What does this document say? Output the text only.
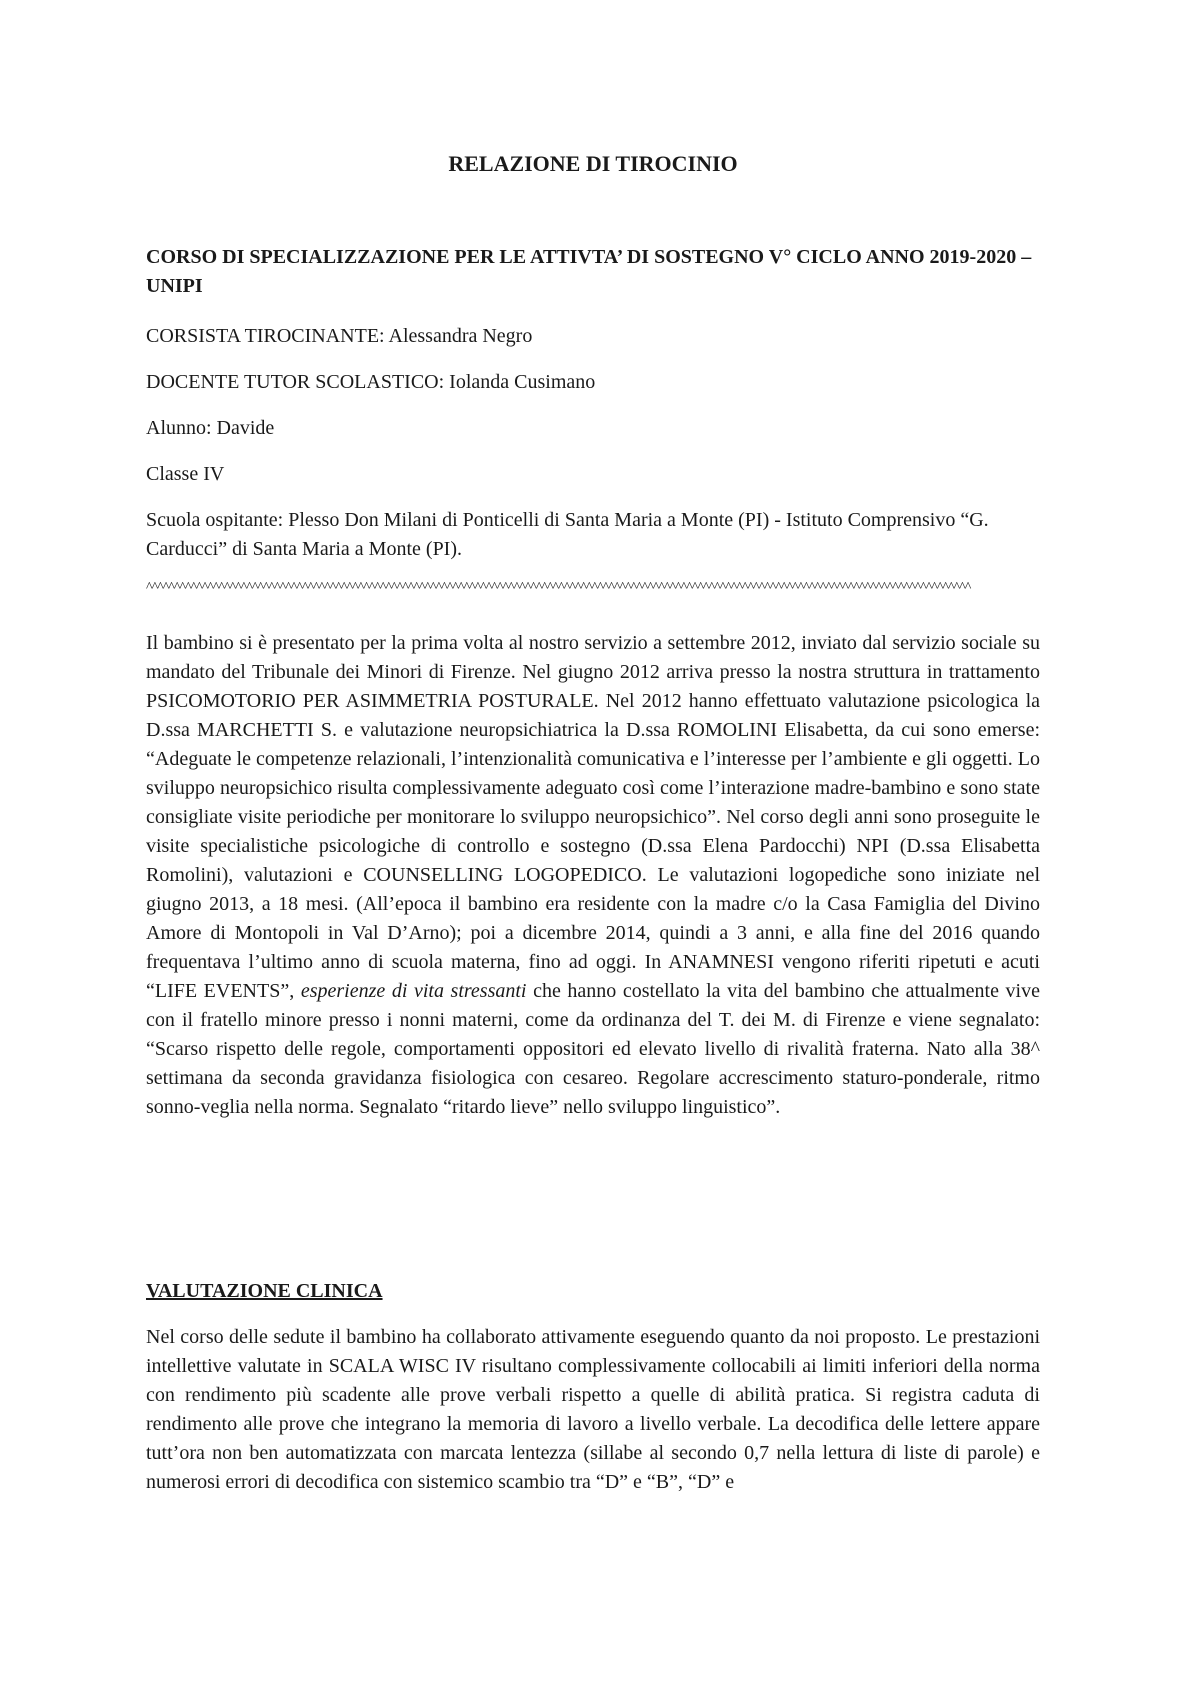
RELAZIONE DI TIROCINIO

CORSO DI SPECIALIZZAZIONE PER LE ATTIVTA’ DI SOSTEGNO V° CICLO ANNO 2019-2020 – UNIPI

CORSISTA TIROCINANTE: Alessandra Negro

DOCENTE TUTOR SCOLASTICO: Iolanda Cusimano

Alunno: Davide

Classe IV

Scuola ospitante: Plesso Don Milani di Ponticelli di Santa Maria a Monte (PI) - Istituto Comprensivo “G. Carducci” di Santa Maria a Monte (PI).

^^^^^^^^^^^^^^^^^^^^^^^^^^^^^^^^^^^^^^^^^^^^^^^^^^^^^^^^^^^^^^^^^^^^^^^^^^^^^^^^^^^^^^^^^^^^^^^^^^^^^^^^^^^^^^^^^^^^^^^^^^^^^^^^^^^^^^^^^^^^^^^^^^^^

Il bambino si è presentato per la prima volta al nostro servizio a settembre 2012, inviato dal servizio sociale su mandato del Tribunale dei Minori di Firenze. Nel giugno 2012 arriva presso la nostra struttura in trattamento PSICOMOTORIO PER ASIMMETRIA POSTURALE. Nel 2012 hanno effettuato valutazione psicologica la D.ssa MARCHETTI S. e valutazione neuropsichiatrica la D.ssa ROMOLINI Elisabetta, da cui sono emerse: “Adeguate le competenze relazionali, l’intenzionalità comunicativa e l’interesse per l’ambiente e gli oggetti. Lo sviluppo neuropsichico risulta complessivamente adeguato così come l’interazione madre-bambino e sono state consigliate visite periodiche per monitorare lo sviluppo neuropsichico”. Nel corso degli anni sono proseguite le visite specialistiche psicologiche di controllo e sostegno (D.ssa Elena Pardocchi) NPI (D.ssa Elisabetta Romolini), valutazioni e COUNSELLING LOGOPEDICO. Le valutazioni logopediche sono iniziate nel giugno 2013, a 18 mesi. (All’epoca il bambino era residente con la madre c/o la Casa Famiglia del Divino Amore di Montopoli in Val D’Arno); poi a dicembre 2014, quindi a 3 anni, e alla fine del 2016 quando frequentava l’ultimo anno di scuola materna, fino ad oggi. In ANAMNESI vengono riferiti ripetuti e acuti “LIFE EVENTS”, esperienze di vita stressanti che hanno costellato la vita del bambino che attualmente vive con il fratello minore presso i nonni materni, come da ordinanza del T. dei M. di Firenze e viene segnalato: “Scarso rispetto delle regole, comportamenti oppositori ed elevato livello di rivalità fraterna. Nato alla 38^ settimana da seconda gravidanza fisiologica con cesareo. Regolare accrescimento staturo-ponderale, ritmo sonno-veglia nella norma. Segnalato “ritardo lieve” nello sviluppo linguistico”.

VALUTAZIONE CLINICA

Nel corso delle sedute il bambino ha collaborato attivamente eseguendo quanto da noi proposto. Le prestazioni intellettive valutate in SCALA WISC IV risultano complessivamente collocabili ai limiti inferiori della norma con rendimento più scadente alle prove verbali rispetto a quelle di abilità pratica. Si registra caduta di rendimento alle prove che integrano la memoria di lavoro a livello verbale. La decodifica delle lettere appare tutt’ora non ben automatizzata con marcata lentezza (sillabe al secondo 0,7 nella lettura di liste di parole) e numerosi errori di decodifica con sistemico scambio tra “D” e “B”, “D” e
